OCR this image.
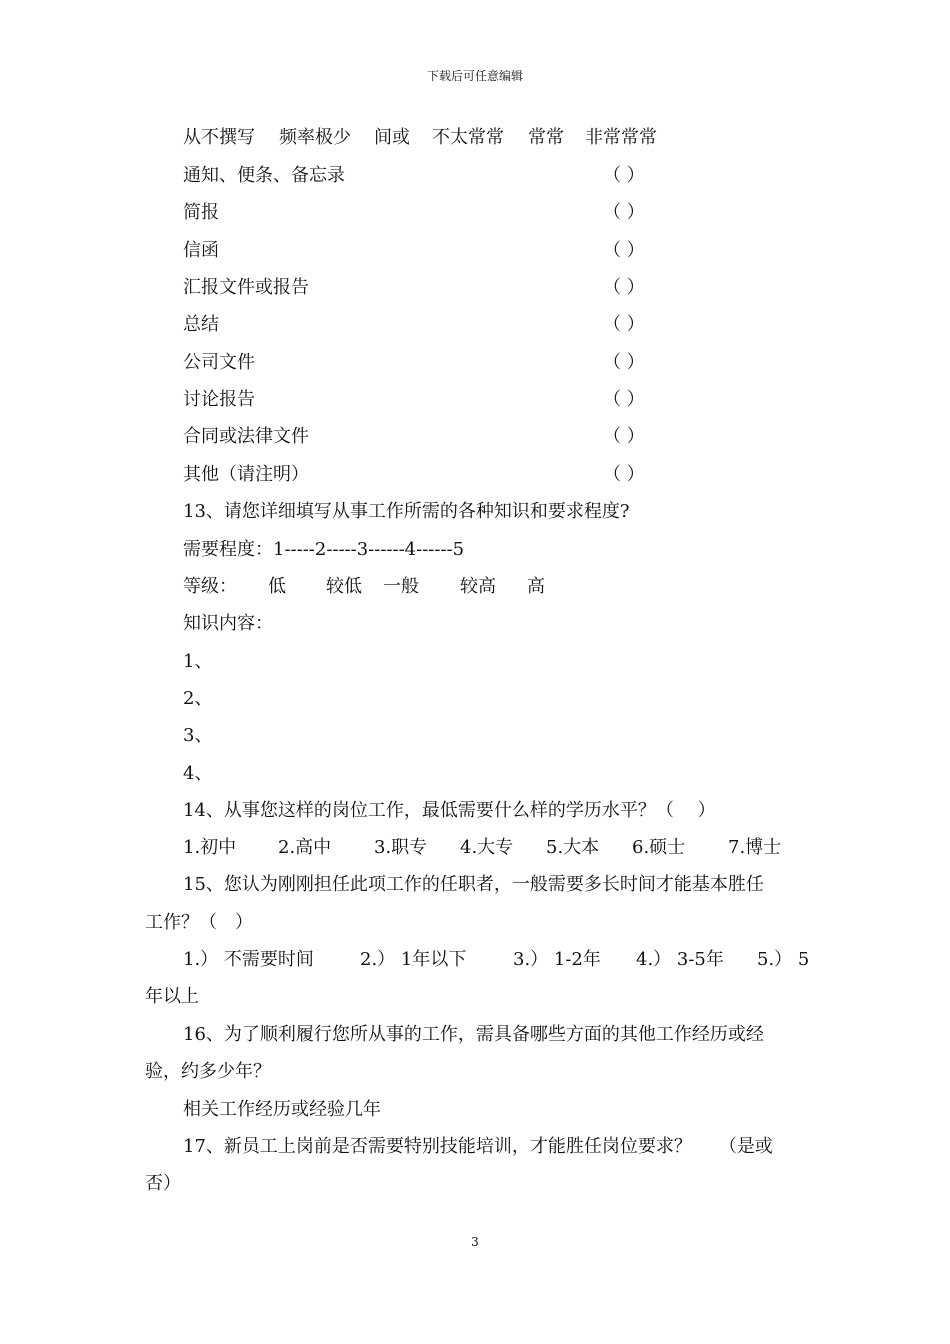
下载后可任意编辑
从不撰写 频率极少 间或 不太常常 常常 非常常常
通知、便条、备忘录	（ ）
简报	（ ）
信函	（ ）
汇报文件或报告	（ ）
总结	（ ）
公司文件	（ ）
讨论报告	（ ）
合同或法律文件	（ ）
其他（请注明）	（ ）
13、请您详细填写从事工作所需的各种知识和要求程度?
需要程度：1-----2-----3------4------5
等级： 低 较低 一般 较高 高
知识内容：
1、
2、
3、
4、
14、从事您这样的岗位工作，最低需要什么样的学历水平？（　 ）
1.初中 2.高中 3.职专 4.大专 5.大本 6.硕士 7.博士
15、您认为刚刚担任此项工作的任职者，一般需要多长时间才能基本胜任
工作？（　）
1.） 不需要时间	2.） 1年以下	3.） 1-2年 4.） 3-5年 5.） 5
年以上
16、为了顺利履行您所从事的工作，需具备哪些方面的其他工作经历或经
验，约多少年？
相关工作经历或经验几年
17、新员工上岗前是否需要特别技能培训，才能胜任岗位要求？　　（是或
否）
3
